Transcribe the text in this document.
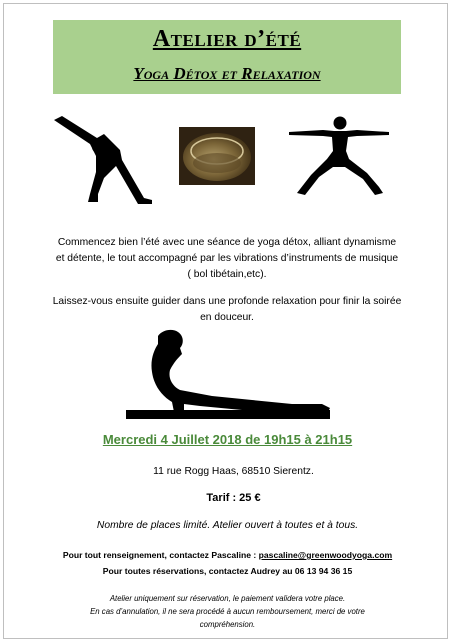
Atelier d’été
Yoga Détox et Relaxation
Commencez bien l’été avec une séance de yoga détox, alliant dynamisme
et détente, le tout accompagné par les vibrations d’instruments de musique
( bol tibétain,etc).
Laissez-vous ensuite guider dans une profonde relaxation pour finir la soirée
en douceur.
Mercredi 4 Juillet 2018 de 19h15 à 21h15
11 rue Rogg Haas, 68510 Sierentz.
Tarif : 25 €
Nombre de places limité. Atelier ouvert à toutes et à tous.
Pour tout renseignement, contactez Pascaline : pascaline@greenwoodyoga.com
Pour toutes réservations, contactez Audrey au 06 13 94 36 15
Atelier uniquement sur réservation, le paiement validera votre place.
En cas d’annulation, il ne sera procédé à aucun remboursement, merci de votre
compréhension.
